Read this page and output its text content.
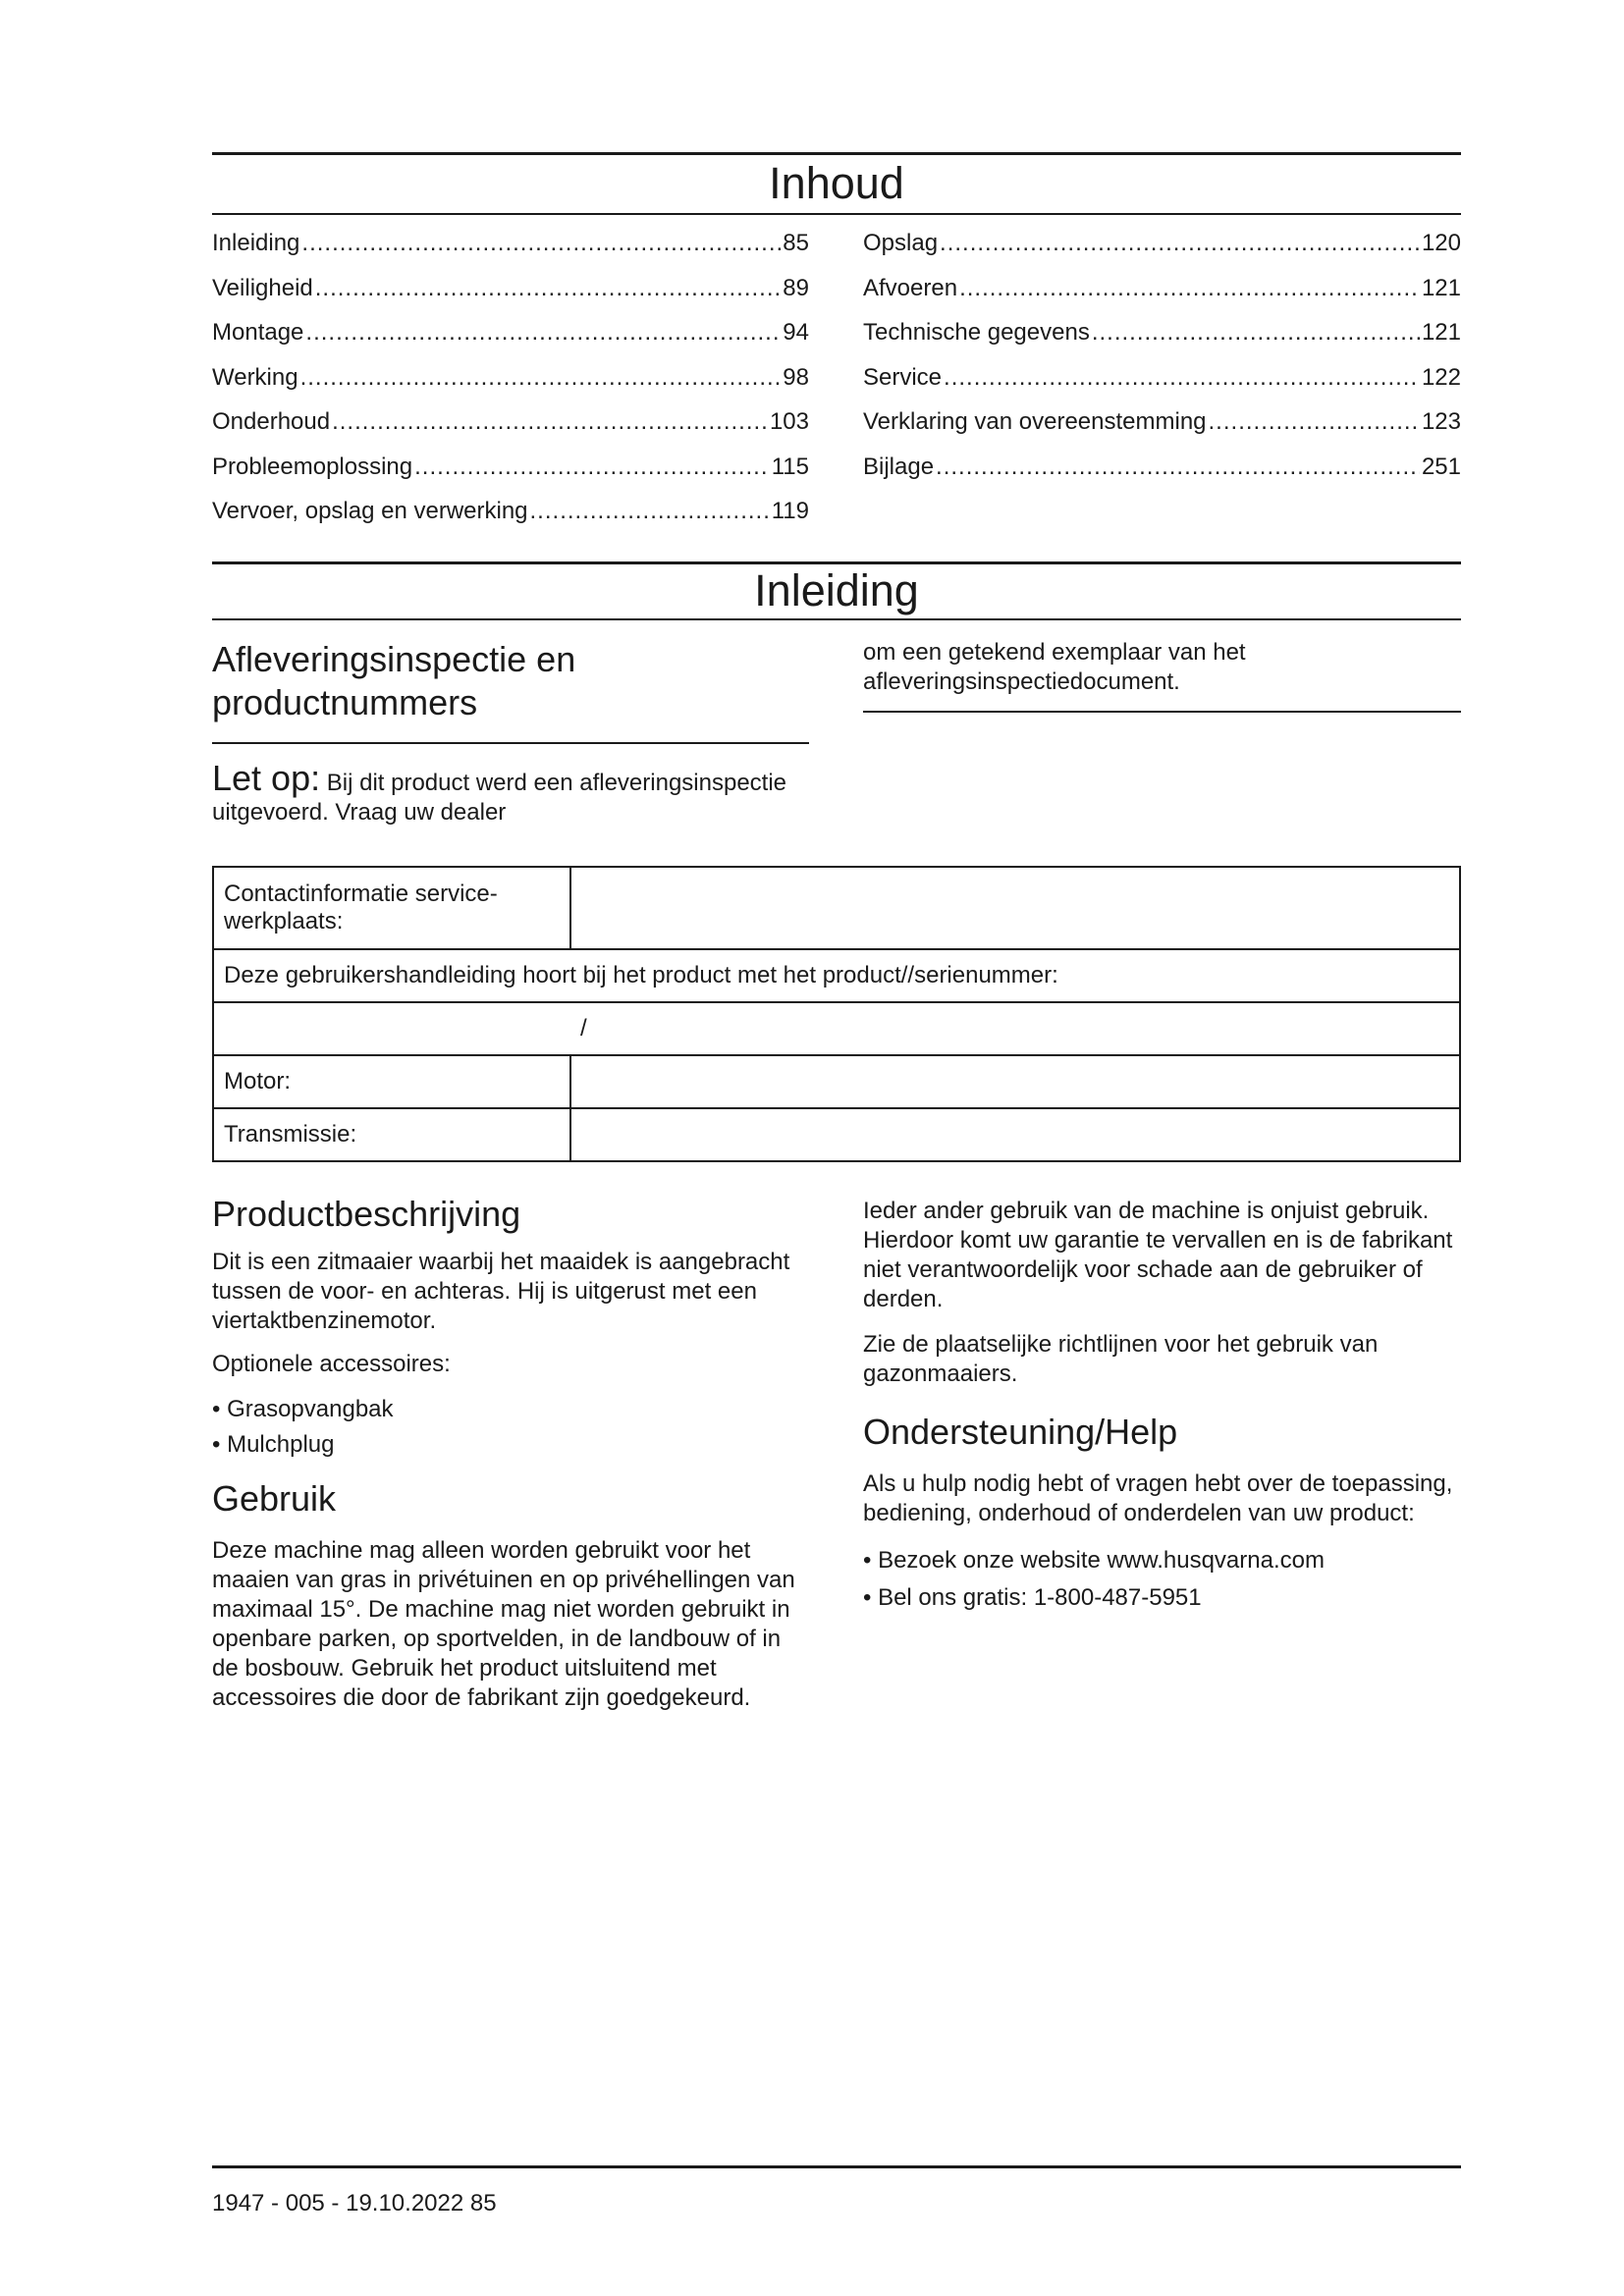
Inhoud
Inleiding .....	85
Veiligheid .....	89
Montage .....	94
Werking .....	98
Onderhoud .....	103
Probleemoplossing .....	115
Vervoer, opslag en verwerking .....	119
Opslag .....	120
Afvoeren .....	121
Technische gegevens .....	121
Service .....	122
Verklaring van overeenstemming .....	123
Bijlage .....	251
Inleiding
Afleveringsinspectie en productnummers

Let op: Bij dit product werd een afleveringsinspectie uitgevoerd. Vraag uw dealer

om een getekend exemplaar van het afleveringsinspectiedocument.

Contactinformatie service-werkplaats:	
Deze gebruikershandleiding hoort bij het product met het product//serienummer:	
/	
Motor:	
Transmissie:	
Productbeschrijving

Dit is een zitmaaier waarbij het maaidek is aangebracht tussen de voor- en achteras. Hij is uitgerust met een viertaktbenzinemotor.

Optionele accessoires:

• Grasopvangbak

• Mulchplug

Gebruik

Deze machine mag alleen worden gebruikt voor het maaien van gras in privétuinen en op privéhellingen van maximaal 15°. De machine mag niet worden gebruikt in openbare parken, op sportvelden, in de landbouw of in de bosbouw. Gebruik het product uitsluitend met accessoires die door de fabrikant zijn goedgekeurd.

Ieder ander gebruik van de machine is onjuist gebruik. Hierdoor komt uw garantie te vervallen en is de fabrikant niet verantwoordelijk voor schade aan de gebruiker of derden.

Zie de plaatselijke richtlijnen voor het gebruik van gazonmaaiers.

Ondersteuning/Help

Als u hulp nodig hebt of vragen hebt over de toepassing, bediening, onderhoud of onderdelen van uw product:

• Bezoek onze website www.husqvarna.com

• Bel ons gratis: 1-800-487-5951

1947 - 005 - 19.10.2022 85
